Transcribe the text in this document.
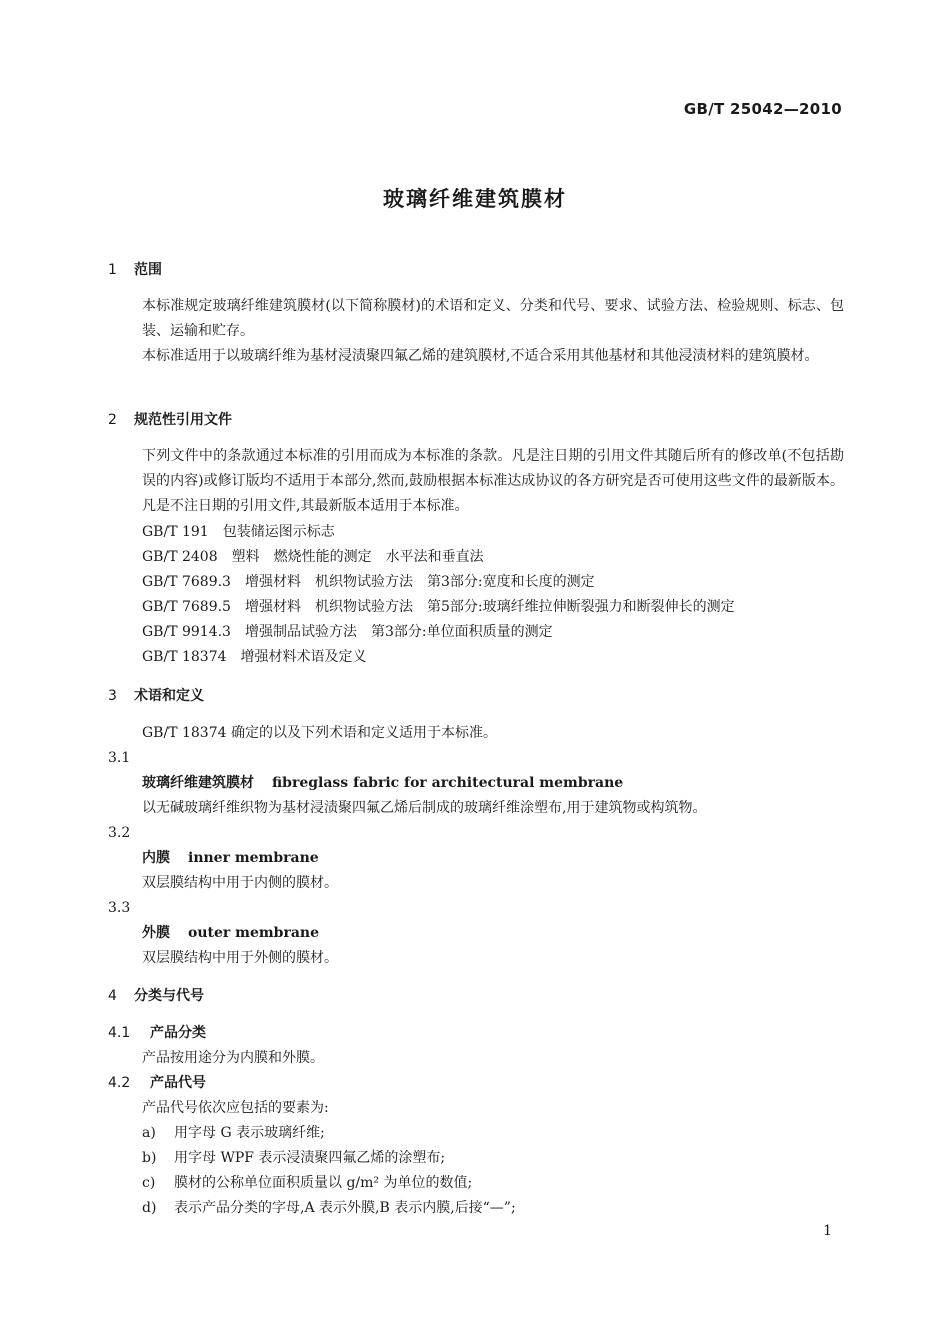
GB/T 25042—2010
玻璃纤维建筑膜材
1 范围
本标准规定玻璃纤维建筑膜材(以下简称膜材)的术语和定义、分类和代号、要求、试验方法、检验规则、标志、包装、运输和贮存。
本标准适用于以玻璃纤维为基材浸渍聚四氟乙烯的建筑膜材,不适合采用其他基材和其他浸渍材料的建筑膜材。
2 规范性引用文件
下列文件中的条款通过本标准的引用而成为本标准的条款。凡是注日期的引用文件其随后所有的修改单(不包括勘误的内容)或修订版均不适用于本部分,然而,鼓励根据本标准达成协议的各方研究是否可使用这些文件的最新版本。凡是不注日期的引用文件,其最新版本适用于本标准。
GB/T 191 包装储运图示标志
GB/T 2408 塑料　燃烧性能的测定　水平法和垂直法
GB/T 7689.3 增强材料　机织物试验方法　第3部分:宽度和长度的测定
GB/T 7689.5 增强材料　机织物试验方法　第5部分:玻璃纤维拉伸断裂强力和断裂伸长的测定
GB/T 9914.3 增强制品试验方法　第3部分:单位面积质量的测定
GB/T 18374 增强材料术语及定义
3 术语和定义
GB/T 18374 确定的以及下列术语和定义适用于本标准。
3.1
玻璃纤维建筑膜材 fibreglass fabric for architectural membrane
以无碱玻璃纤维织物为基材浸渍聚四氟乙烯后制成的玻璃纤维涂塑布,用于建筑物或构筑物。
3.2
内膜 inner membrane
双层膜结构中用于内侧的膜材。
3.3
外膜 outer membrane
双层膜结构中用于外侧的膜材。
4 分类与代号
4.1 产品分类
产品按用途分为内膜和外膜。
4.2 产品代号
产品代号依次应包括的要素为:
a) 用字母 G 表示玻璃纤维;
b) 用字母 WPF 表示浸渍聚四氟乙烯的涂塑布;
c) 膜材的公称单位面积质量以 g/m² 为单位的数值;
d) 表示产品分类的字母,A 表示外膜,B 表示内膜,后接“—”;
1
